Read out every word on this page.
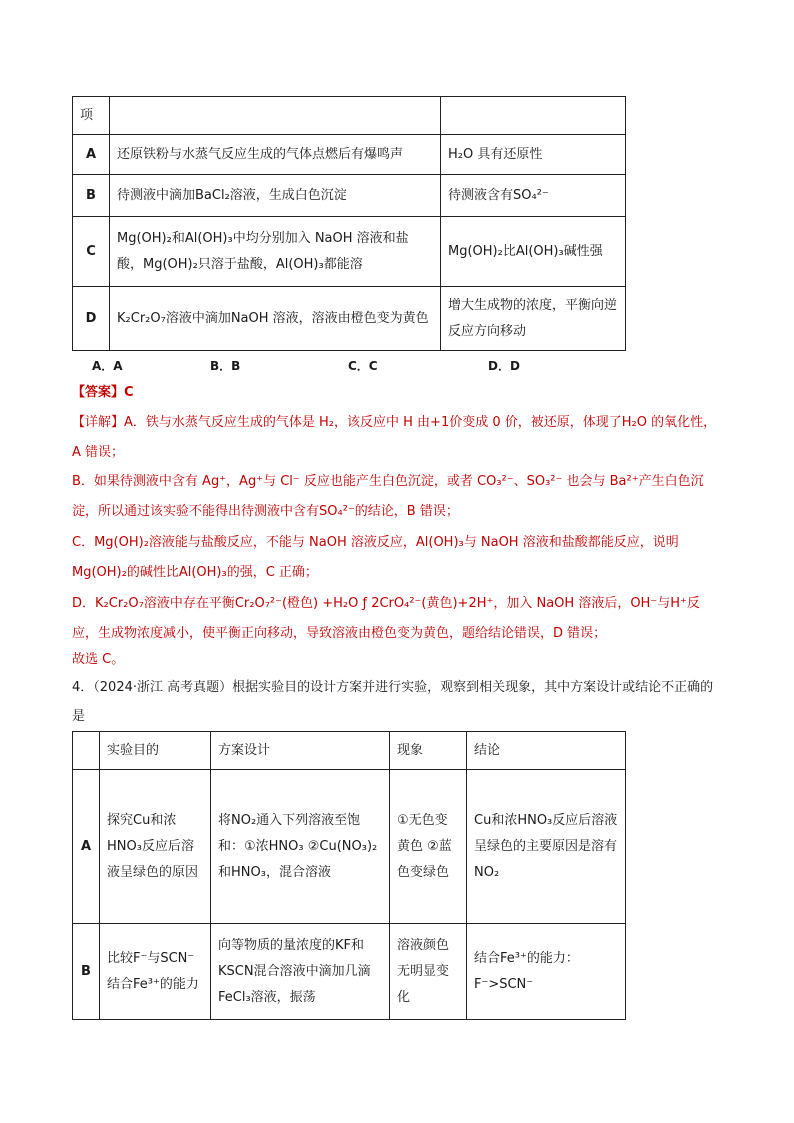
项		
A	还原铁粉与水蒸气反应生成的气体点燃后有爆鸣声	H₂O 具有还原性
B	待测液中滴加BaCl₂溶液，生成白色沉淀	待测液含有SO₄²⁻
C	Mg(OH)₂和Al(OH)₃中均分别加入 NaOH 溶液和盐酸，Mg(OH)₂只溶于盐酸，Al(OH)₃都能溶	Mg(OH)₂比Al(OH)₃碱性强
D	K₂Cr₂O₇溶液中滴加NaOH 溶液，溶液由橙色变为黄色	增大生成物的浓度，平衡向逆反应方向移动
A．A	B．B	C．C	D．D
【答案】C
【详解】A．铁与水蒸气反应生成的气体是 H₂，该反应中 H 由+1价变成 0 价，被还原，体现了H₂O 的氧化性，A 错误；
B．如果待测液中含有 Ag⁺，Ag⁺与 Cl⁻ 反应也能产生白色沉淀，或者 CO₃²⁻、SO₃²⁻ 也会与 Ba²⁺产生白色沉淀，所以通过该实验不能得出待测液中含有SO₄²⁻的结论，B 错误；
C．Mg(OH)₂溶液能与盐酸反应，不能与 NaOH 溶液反应，Al(OH)₃与 NaOH 溶液和盐酸都能反应，说明 Mg(OH)₂的碱性比Al(OH)₃的强，C 正确；
D．K₂Cr₂O₇溶液中存在平衡Cr₂O₇²⁻(橙色) +H₂O ƒ 2CrO₄²⁻(黄色)+2H⁺，加入 NaOH 溶液后，OH⁻与H⁺反应，生成物浓度减小，使平衡正向移动，导致溶液由橙色变为黄色，题给结论错误，D 错误；
故选 C。
4．（2024·浙江 高考真题）根据实验目的设计方案并进行实验，观察到相关现象，其中方案设计或结论不正确的是
	实验目的	方案设计	现象	结论
A	探究Cu和浓HNO₃反应后溶液呈绿色的原因	将NO₂通入下列溶液至饱和：①浓HNO₃ ②Cu(NO₃)₂和HNO₃，混合溶液	①无色变黄色 ②蓝色变绿色	Cu和浓HNO₃反应后溶液呈绿色的主要原因是溶有NO₂
B	比较F⁻与SCN⁻结合Fe³⁺的能力	向等物质的量浓度的KF和KSCN混合溶液中滴加几滴FeCl₃溶液，振荡	溶液颜色无明显变化	结合Fe³⁺的能力：F⁻>SCN⁻
